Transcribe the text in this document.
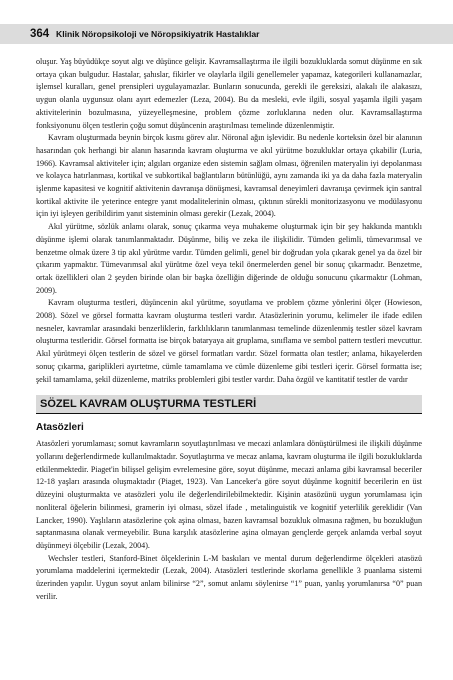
364 Klinik Nöropsikoloji ve Nöropsikiyatrik Hastalıklar

oluşur. Yaş büyüdükçe soyut algı ve düşünce gelişir. Kavramsallaştırma ile ilgili bozukluklarda somut düşünme en sık ortaya çıkan bulgudur. Hastalar, şahıslar, fikirler ve olaylarla ilgili genellemeler yapamaz, kategorileri kullanamazlar, işlemsel kuralları, genel prensipleri uygulayamazlar. Bunların sonucunda, gerekli ile gereksizi, alakalı ile alakasızı, uygun olanla uygunsuz olanı ayırt edemezler (Leza, 2004). Bu da mesleki, evle ilgili, sosyal yaşamla ilgili yaşam aktivitelerinin bozulmasına, yüzeyelleşmesine, problem çözme zorluklarına neden olur. Kavramsallaştırma fonksiyonunu ölçen testlerin çoğu somut düşüncenin araştırılması temelinde düzenlenmiştir.

Kavram oluşturmada beynin birçok kısmı görev alır. Nöronal ağın işlevidir. Bu nedenle korteksin özel bir alanının hasarından çok herhangi bir alanın hasarında kavram oluşturma ve akıl yürütme bozukluklar ortaya çıkabilir (Luria, 1966). Kavramsal aktiviteler için; algıları organize eden sistemin sağlam olması, öğrenilen materyalin iyi depolanması ve kolayca hatırlanması, kortikal ve subkortikal bağlantıların bütünlüğü, aynı zamanda iki ya da daha fazla materyalin işlenme kapasitesi ve kognitif aktivitenin davranışa dönüşmesi, kavramsal deneyimleri davranışa çevirmek için santral kortikal aktivite ile yeterince entegre yanıt modalitelerinin olması, çıktının sürekli monitorizasyonu ve modülasyonu için iyi işleyen geribildirim yanıt sisteminin olması gerekir (Lezak, 2004).

Akıl yürütme, sözlük anlamı olarak, sonuç çıkarma veya muhakeme oluşturmak için bir şey hakkında mantıklı düşünme işlemi olarak tanımlanmaktadır. Düşünme, biliş ve zeka ile ilişkilidir. Tümden gelimli, tümevarımsal ve benzetme olmak üzere 3 tip akıl yürütme vardır. Tümden gelimli, genel bir doğrudan yola çıkarak genel ya da özel bir çıkarım yapmaktır. Tümevarımsal akıl yürütme özel veya tekil önermelerden genel bir sonuç çıkarmadır. Benzetme, ortak özellikleri olan 2 şeyden birinde olan bir başka özelliğin diğerinde de olduğu sonucunu çıkarmaktır (Lohman, 2009).

Kavram oluşturma testleri, düşüncenin akıl yürütme, soyutlama ve problem çözme yönlerini ölçer (Howieson, 2008). Sözel ve görsel formatta kavram oluşturma testleri vardır. Atasözlerinin yorumu, kelimeler ile ifade edilen nesneler, kavramlar arasındaki benzerliklerin, farklılıkların tanımlanması temelinde düzenlenmiş testler sözel kavram oluşturma testleridir. Görsel formatta ise birçok bataryaya ait gruplama, sınıflama ve sembol pattern testleri mevcuttur. Akıl yürütmeyi ölçen testlerin de sözel ve görsel formatları vardır. Sözel formatta olan testler; anlama, hikayelerden sonuç çıkarma, gariplikleri ayırtetme, cümle tamamlama ve cümle düzenleme gibi testleri içerir. Görsel formatta ise; şekil tamamlama, şekil düzenleme, matriks problemleri gibi testler vardır. Daha özgül ve kantitatif testler de vardır

SÖZEL KAVRAM OLUŞTURMA TESTLERİ
Atasözleri

Atasözleri yorumlaması; somut kavramların soyutlaştırılması ve mecazi anlamlara dönüştürülmesi ile ilişkili düşünme yollarını değerlendirmede kullanılmaktadır. Soyutlaştırma ve mecaz anlama, kavram oluşturma ile ilgili bozukluklarda etkilenmektedir. Piaget'in bilişsel gelişim evrelemesine göre, soyut düşünme, mecazi anlama gibi kavramsal beceriler 12-18 yaşları arasında oluşmaktadır (Piaget, 1923). Van Lanceker'a göre soyut düşünme kognitif becerilerin en üst düzeyini oluşturmakta ve atasözleri yolu ile değerlendirilebilmektedir. Kişinin atasözünü uygun yorumlaması için nonliteral öğelerin bilinmesi, gramerin iyi olması, sözel ifade , metalinguistik ve kognitif yeterlilik gereklidir (Van Lancker, 1990). Yaşlıların atasözlerine çok aşina olması, bazen kavramsal bozukluk olmasına rağmen, bu bozukluğun saptanmasına olanak vermeyebilir. Buna karşılık atasözlerine aşina olmayan gençlerde gerçek anlamda verbal soyut düşünmeyi ölçebilir (Lezak, 2004).

Wechsler testleri, Stanford-Binet ölçeklerinin L-M baskıları ve mental durum değerlendirme ölçekleri atasözü yorumlama maddelerini içermektedir (Lezak, 2004). Atasözleri testlerinde skorlama genellikle 3 puanlama sistemi üzerinden yapılır. Uygun soyut anlam bilinirse “2”, somut anlamı söylenirse “1” puan, yanlış yorumlanırsa “0” puan verilir.
